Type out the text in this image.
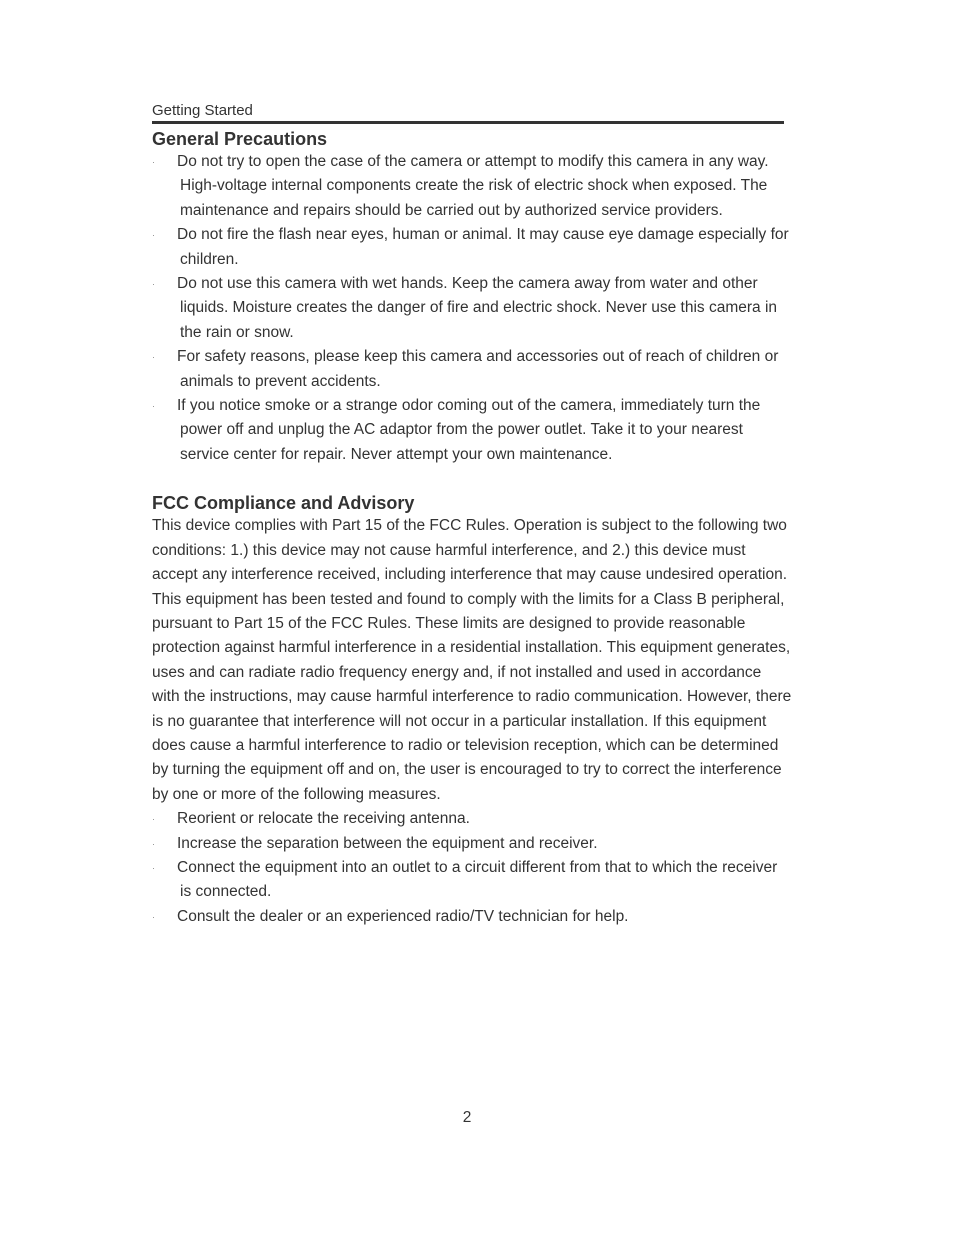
Getting Started
General Precautions
· Do not try to open the case of the camera or attempt to modify this camera in any way. High-voltage internal components create the risk of electric shock when exposed. The maintenance and repairs should be carried out by authorized service providers.
· Do not fire the flash near eyes, human or animal. It may cause eye damage especially for children.
· Do not use this camera with wet hands. Keep the camera away from water and other liquids. Moisture creates the danger of fire and electric shock. Never use this camera in the rain or snow.
· For safety reasons, please keep this camera and accessories out of reach of children or animals to prevent accidents.
· If you notice smoke or a strange odor coming out of the camera, immediately turn the power off and unplug the AC adaptor from the power outlet. Take it to your nearest service center for repair. Never attempt your own maintenance.
FCC Compliance and Advisory

This device complies with Part 15 of the FCC Rules. Operation is subject to the following two conditions: 1.) this device may not cause harmful interference, and 2.) this device must accept any interference received, including interference that may cause undesired operation.

This equipment has been tested and found to comply with the limits for a Class B peripheral, pursuant to Part 15 of the FCC Rules. These limits are designed to provide reasonable protection against harmful interference in a residential installation. This equipment generates, uses and can radiate radio frequency energy and, if not installed and used in accordance with the instructions, may cause harmful interference to radio communication. However, there is no guarantee that interference will not occur in a particular installation. If this equipment does cause a harmful interference to radio or television reception, which can be determined by turning the equipment off and on, the user is encouraged to try to correct the interference by one or more of the following measures.

· Reorient or relocate the receiving antenna.
· Increase the separation between the equipment and receiver.
· Connect the equipment into an outlet to a circuit different from that to which the receiver is connected.
· Consult the dealer or an experienced radio/TV technician for help.
2
